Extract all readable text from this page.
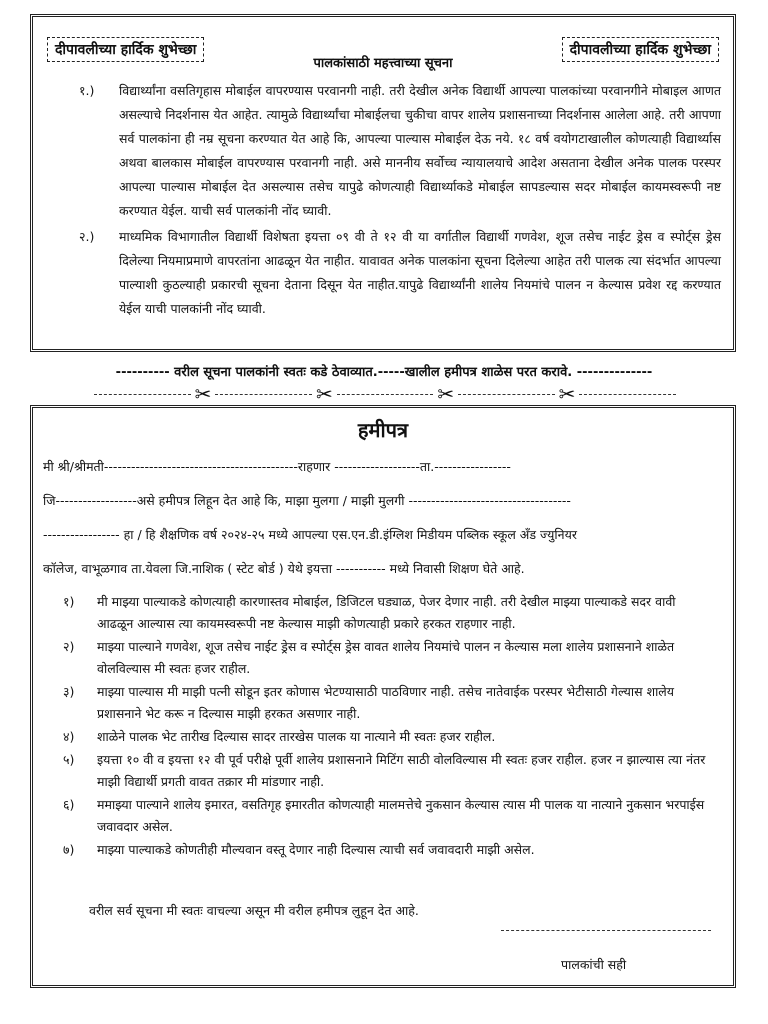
दीपावलीच्या हार्दिक शुभेच्छा	दीपावलीच्या हार्दिक शुभेच्छा
पालकांसाठी महत्त्वाच्या सूचना
१.)	विद्यार्थ्यांना वसतिगृहास मोबाईल वापरण्यास परवानगी नाही. तरी देखील अनेक विद्यार्थी आपल्या पालकांच्या परवानगीने मोबाइल आणत असल्याचे निदर्शनास येत आहेत. त्यामुळे विद्यार्थ्यांचा मोबाईलचा चुकीचा वापर शालेय प्रशासनाच्या निदर्शनास आलेला आहे. तरी आपणा सर्व पालकांना ही नम्र सूचना करण्यात येत आहे कि, आपल्या पाल्यास मोबाईल देऊ नये. १८ वर्ष वयोगटाखालील कोणत्याही विद्यार्थ्यास अथवा बालकास मोबाईल वापरण्यास परवानगी नाही. असे माननीय सर्वोच्च न्यायालयाचे आदेश असताना देखील अनेक पालक परस्पर आपल्या पाल्यास मोबाईल देत असल्यास तसेच यापुढे कोणत्याही विद्यार्थ्याकडे मोबाईल सापडल्यास सदर मोबाईल कायमस्वरूपी नष्ट करण्यात येईल. याची सर्व पालकांनी नोंद घ्यावी.
२.)	माध्यमिक विभागातील विद्यार्थी विशेषता इयत्ता ०९ वी ते १२ वी या वर्गातील विद्यार्थी गणवेश, शूज तसेच नाईट ड्रेस व स्पोर्ट्स ड्रेस दिलेल्या नियमाप्रमाणे वापरतांना आढळून येत नाहीत. यावावत अनेक पालकांना सूचना दिलेल्या आहेत तरी पालक त्या संदर्भात आपल्या पाल्याशी कुठल्याही प्रकारची सूचना देताना दिसून येत नाहीत.यापुढे विद्यार्थ्यांनी शालेय नियमांचे पालन न केल्यास प्रवेश रद्द करण्यात येईल याची पालकांनी नोंद घ्यावी.
---------- वरील सूचना पालकांनी स्वतः कडे ठेवाव्यात.-----खालील हमीपत्र शाळेस परत करावे. --------------
✂	✂	✂	✂
हमीपत्र
मी श्री/श्रीमती-------------------------------------------राहणार -------------------ता.-----------------
जि------------------असे हमीपत्र लिहून देत आहे कि, माझा मुलगा / माझी मुलगी ------------------------------------
----------------- हा / हि शैक्षणिक वर्ष २०२४-२५ मध्ये आपल्या एस.एन.डी.इंग्लिश मिडीयम पब्लिक स्कूल अँड ज्युनियर
कॉलेज, वाभूळगाव ता.येवला जि.नाशिक ( स्टेट बोर्ड ) येथे इयत्ता ----------- मध्ये निवासी शिक्षण घेते आहे.
१)	मी माझ्या पाल्याकडे कोणत्याही कारणास्तव मोबाईल, डिजिटल घड्याळ, पेजर देणार नाही. तरी देखील माझ्या पाल्याकडे सदर वावी आढळून आल्यास त्या कायमस्वरूपी नष्ट केल्यास माझी कोणत्याही प्रकारे हरकत राहणार नाही.
२)	माझ्या पाल्याने गणवेश, शूज तसेच नाईट ड्रेस व स्पोर्ट्स ड्रेस वावत शालेय नियमांचे पालन न केल्यास मला शालेय प्रशासनाने शाळेत वोलविल्यास मी स्वतः हजर राहील.
३)	माझ्या पाल्यास मी माझी पत्नी सोडून इतर कोणास भेटण्यासाठी पाठविणार नाही. तसेच नातेवाईक परस्पर भेटीसाठी गेल्यास शालेय प्रशासनाने भेट करू न दिल्यास माझी हरकत असणार नाही.
४)	शाळेने पालक भेट तारीख दिल्यास सादर तारखेस पालक या नात्याने मी स्वतः हजर राहील.
५)	इयत्ता १० वी व इयत्ता १२ वी पूर्व परीक्षे पूर्वी शालेय प्रशासनाने मिटिंग साठी वोलविल्यास मी स्वतः हजर राहील. हजर न झाल्यास त्या नंतर माझी विद्यार्थी प्रगती वावत तक्रार मी मांडणार नाही.
६)	ममाझ्या पाल्याने शालेय इमारत, वसतिगृह इमारतीत कोणत्याही मालमत्तेचे नुकसान केल्यास त्यास मी पालक या नात्याने नुकसान भरपाईस जवावदार असेल.
७)	माझ्या पाल्याकडे कोणतीही मौल्यवान वस्तू देणार नाही दिल्यास त्याची सर्व जवावदारी माझी असेल.
वरील सर्व सूचना मी स्वतः वाचल्या असून मी वरील हमीपत्र लुहून देत आहे.
पालकांची सही
